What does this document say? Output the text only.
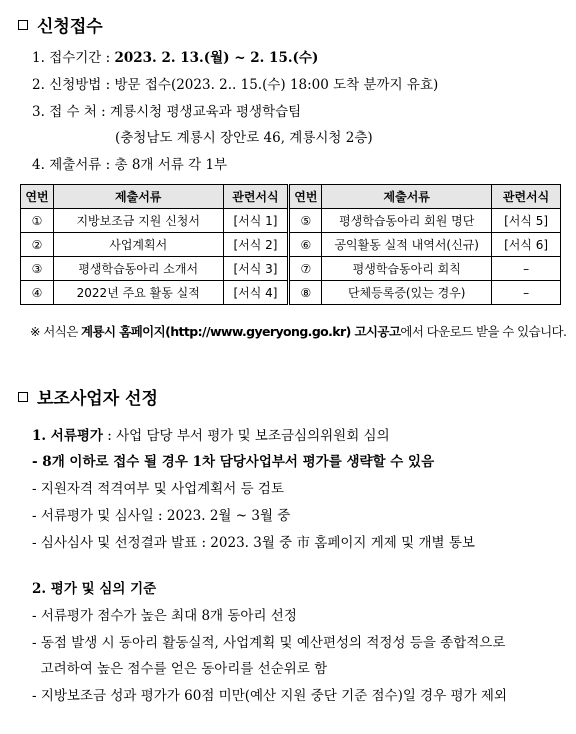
신청접수
1. 접수기간 : 2023. 2. 13.(월) ~ 2. 15.(수)
2. 신청방법 : 방문 접수(2023. 2.. 15.(수) 18:00 도착 분까지 유효)
3. 접 수 처 : 계룡시청 평생교육과 평생학습팀
(충청남도 계룡시 장안로 46, 계룡시청 2층)
4. 제출서류 : 총 8개 서류 각 1부
연번	제출서류	관련서식	연번	제출서류	관련서식
①	지방보조금 지원 신청서	[서식 1]	⑤	평생학습동아리 회원 명단	[서식 5]
②	사업계획서	[서식 2]	⑥	공익활동 실적 내역서(신규)	[서식 6]
③	평생학습동아리 소개서	[서식 3]	⑦	평생학습동아리 회칙	–
④	2022년 주요 활동 실적	[서식 4]	⑧	단체등록증(있는 경우)	–
※ 서식은 계룡시 홈페이지(http://www.gyeryong.go.kr) 고시공고에서 다운로드 받을 수 있습니다.
보조사업자 선정
1. 서류평가 : 사업 담당 부서 평가 및 보조금심의위원회 심의
- 8개 이하로 접수 될 경우 1차 담당사업부서 평가를 생략할 수 있음
- 지원자격 적격여부 및 사업계획서 등 검토
- 서류평가 및 심사일 : 2023. 2월 ~ 3월 중
- 심사심사 및 선정결과 발표 : 2023. 3월 중 市 홈페이지 게제 및 개별 통보
2. 평가 및 심의 기준
- 서류평가 점수가 높은 최대 8개 동아리 선정
- 동점 발생 시 동아리 활동실적, 사업계획 및 예산편성의 적정성 등을 종합적으로
고려하여 높은 점수를 얻은 동아리를 선순위로 함
- 지방보조금 성과 평가가 60점 미만(예산 지원 중단 기준 점수)일 경우 평가 제외
